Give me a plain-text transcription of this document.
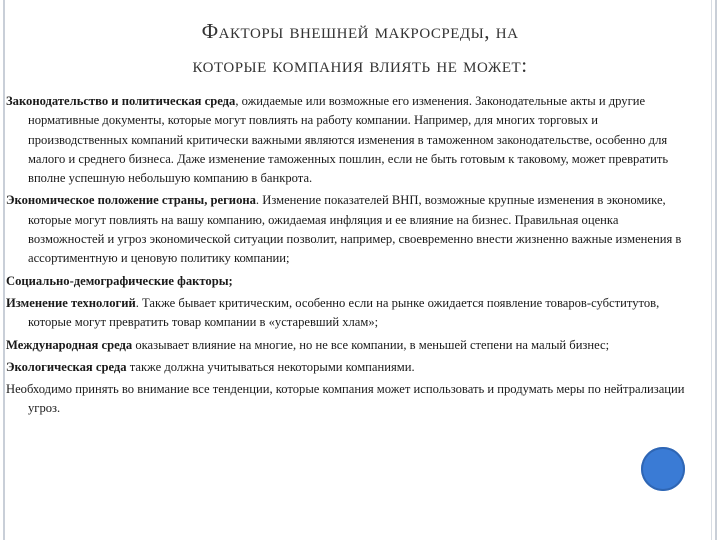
Факторы внешней макросреды, на
которые компания влиять не может:

Законодательство и политическая среда, ожидаемые или возможные его изменения. Законодательные акты и другие нормативные документы, которые могут повлиять на работу компании. Например, для многих торговых и производственных компаний критически важными являются изменения в таможенном законодательстве, особенно для малого и среднего бизнеса. Даже изменение таможенных пошлин, если не быть готовым к таковому, может превратить вполне успешную небольшую компанию в банкрота.

Экономическое положение страны, региона. Изменение показателей ВНП, возможные крупные изменения в экономике, которые могут повлиять на вашу компанию, ожидаемая инфляция и ее влияние на бизнес. Правильная оценка возможностей и угроз экономической ситуации позволит, например, своевременно внести жизненно важные изменения в ассортиментную и ценовую политику компании;

Социально-демографические факторы;

Изменение технологий. Также бывает критическим, особенно если на рынке ожидается появление товаров-субститутов, которые могут превратить товар компании в «устаревший хлам»;

Международная среда оказывает влияние на многие, но не все компании, в меньшей степени на малый бизнес;

Экологическая среда также должна учитываться некоторыми компаниями.

Необходимо принять во внимание все тенденции, которые компания может использовать и продумать меры по нейтрализации угроз.
